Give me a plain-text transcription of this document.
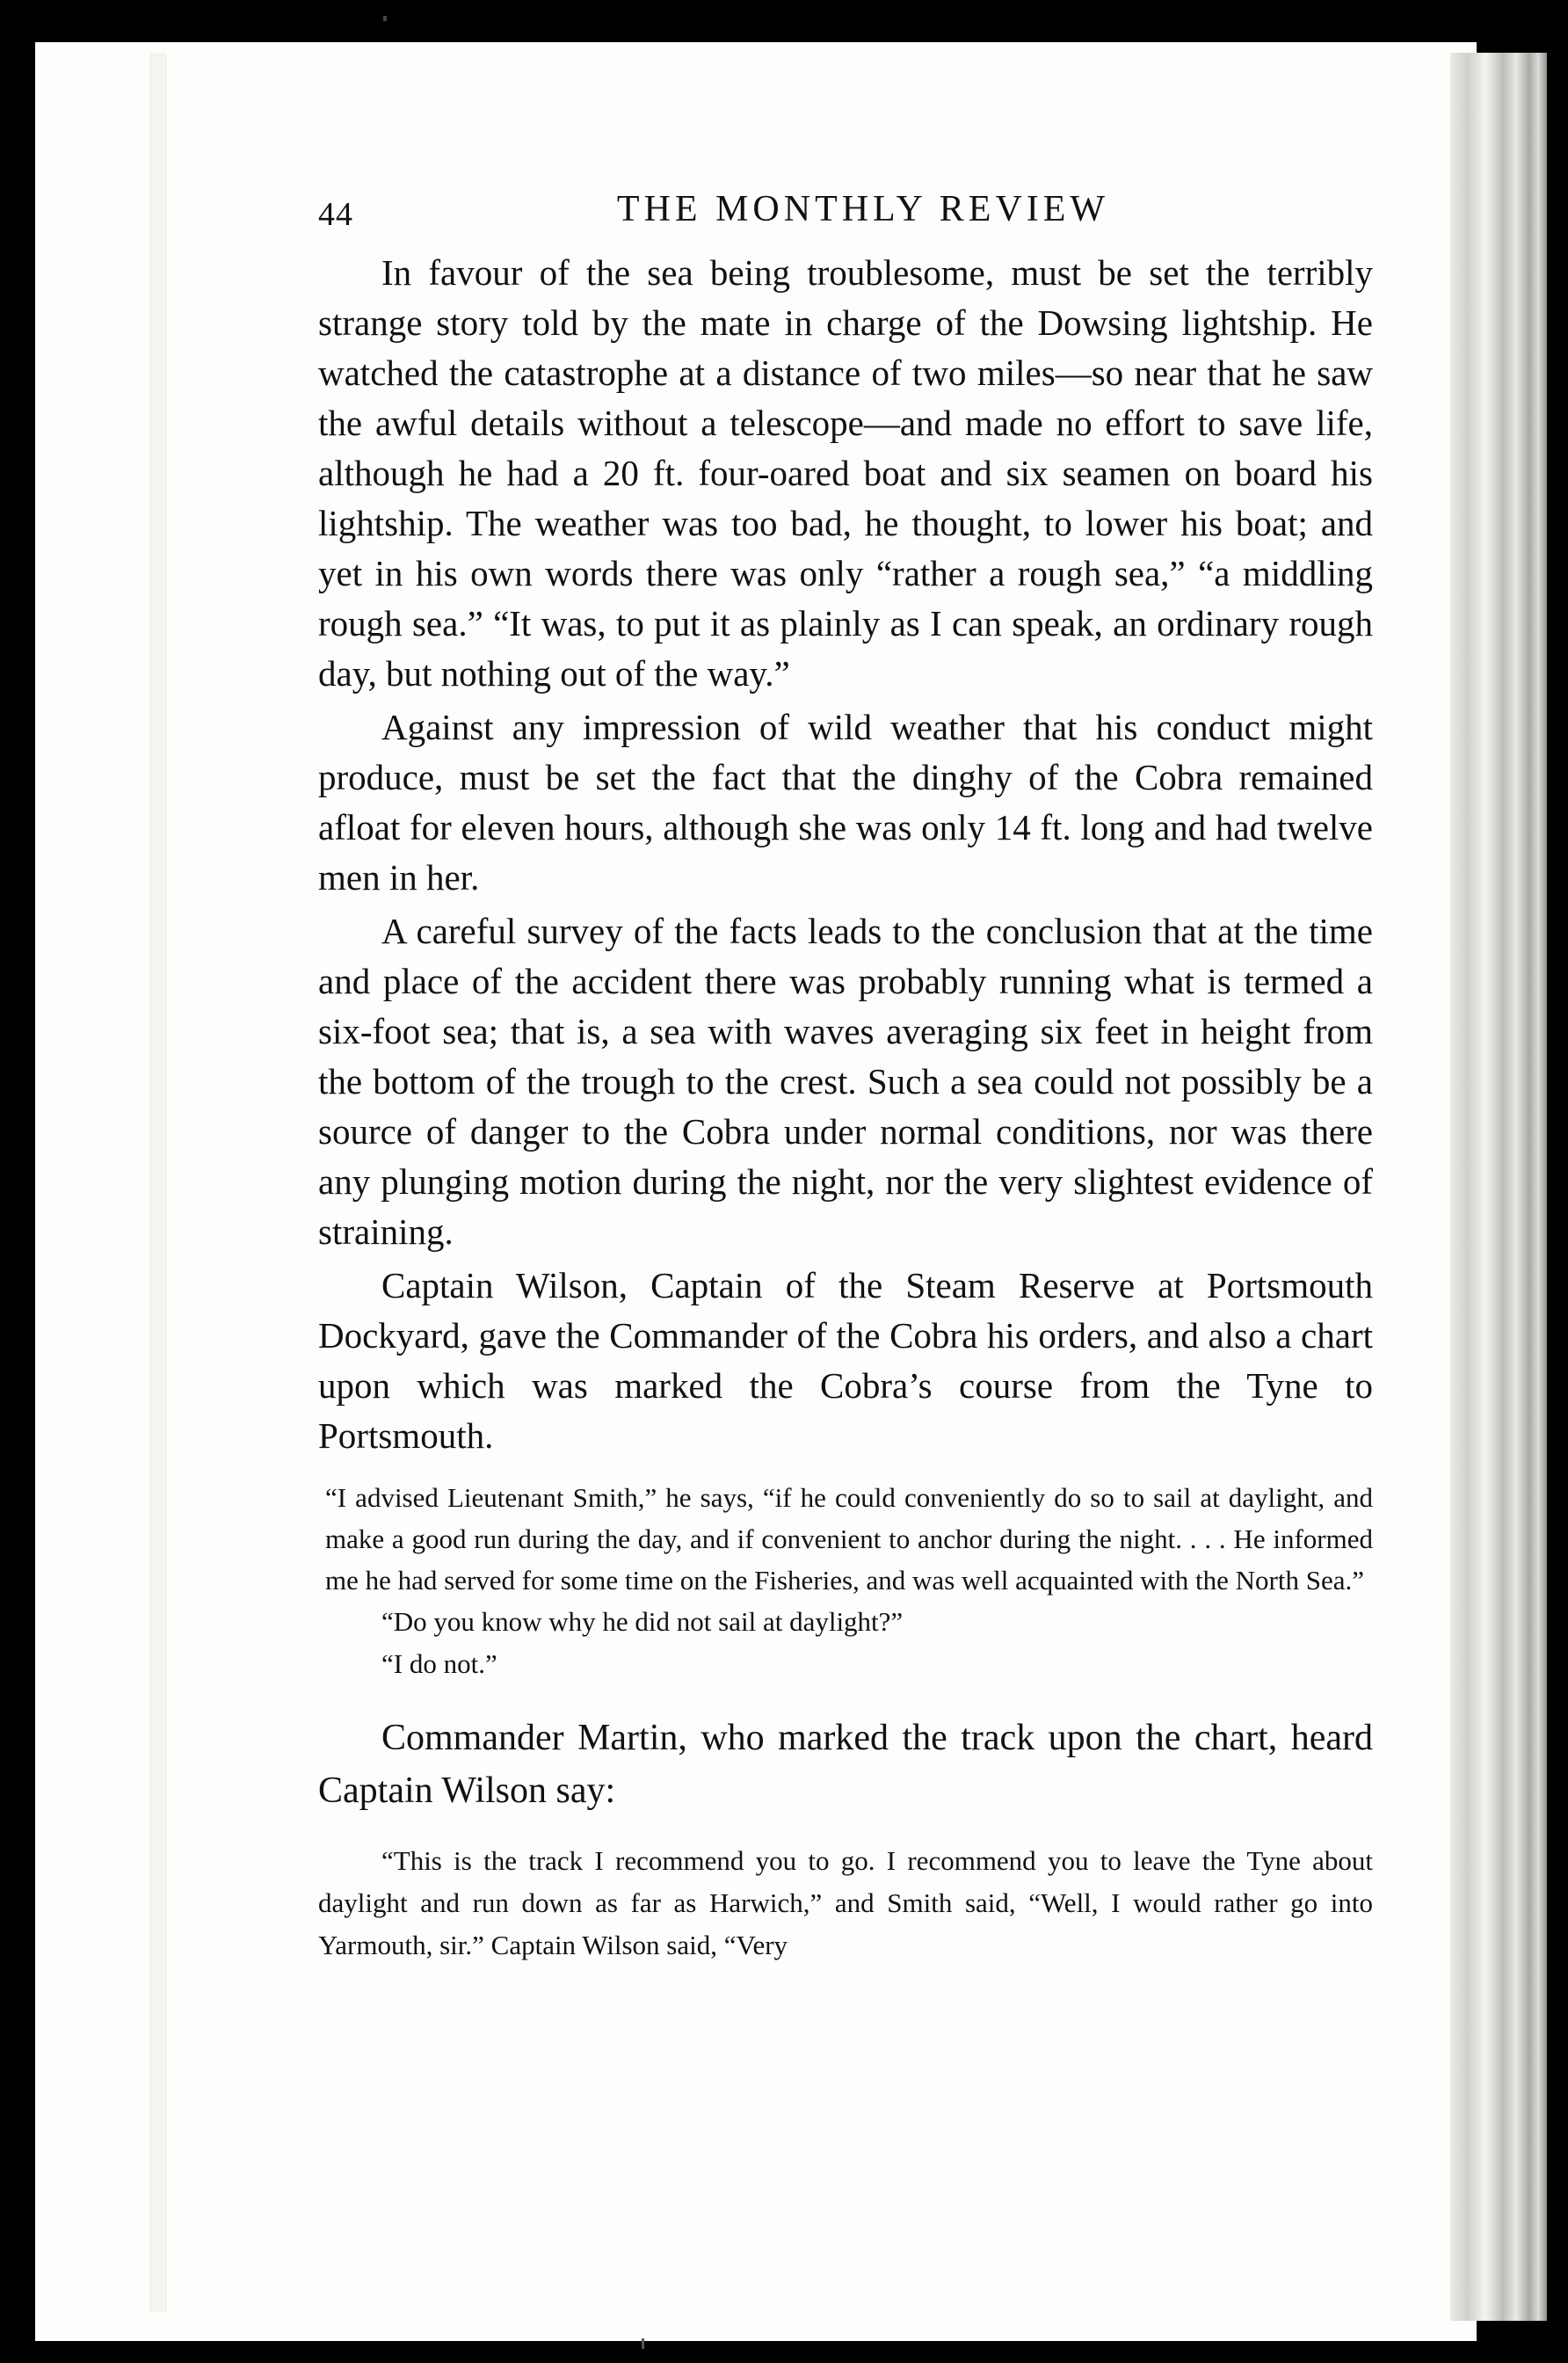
44	THE MONTHLY REVIEW

In favour of the sea being troublesome, must be set the terribly strange story told by the mate in charge of the Dowsing lightship. He watched the catastrophe at a distance of two miles—so near that he saw the awful details without a telescope—and made no effort to save life, although he had a 20 ft. four-oared boat and six seamen on board his lightship. The weather was too bad, he thought, to lower his boat; and yet in his own words there was only “rather a rough sea,” “a middling rough sea.” “It was, to put it as plainly as I can speak, an ordinary rough day, but nothing out of the way.”

Against any impression of wild weather that his conduct might produce, must be set the fact that the dinghy of the Cobra remained afloat for eleven hours, although she was only 14 ft. long and had twelve men in her.

A careful survey of the facts leads to the conclusion that at the time and place of the accident there was probably running what is termed a six-foot sea; that is, a sea with waves averaging six feet in height from the bottom of the trough to the crest. Such a sea could not possibly be a source of danger to the Cobra under normal conditions, nor was there any plunging motion during the night, nor the very slightest evidence of straining.

Captain Wilson, Captain of the Steam Reserve at Portsmouth Dockyard, gave the Commander of the Cobra his orders, and also a chart upon which was marked the Cobra’s course from the Tyne to Portsmouth.

“I advised Lieutenant Smith,” he says, “if he could conveniently do so to sail at daylight, and make a good run during the day, and if convenient to anchor during the night. . . . He informed me he had served for some time on the Fisheries, and was well acquainted with the North Sea.”

“Do you know why he did not sail at daylight?”

“I do not.”

Commander Martin, who marked the track upon the chart, heard Captain Wilson say:

“This is the track I recommend you to go. I recommend you to leave the Tyne about daylight and run down as far as Harwich,” and Smith said, “Well, I would rather go into Yarmouth, sir.” Captain Wilson said, “Very
